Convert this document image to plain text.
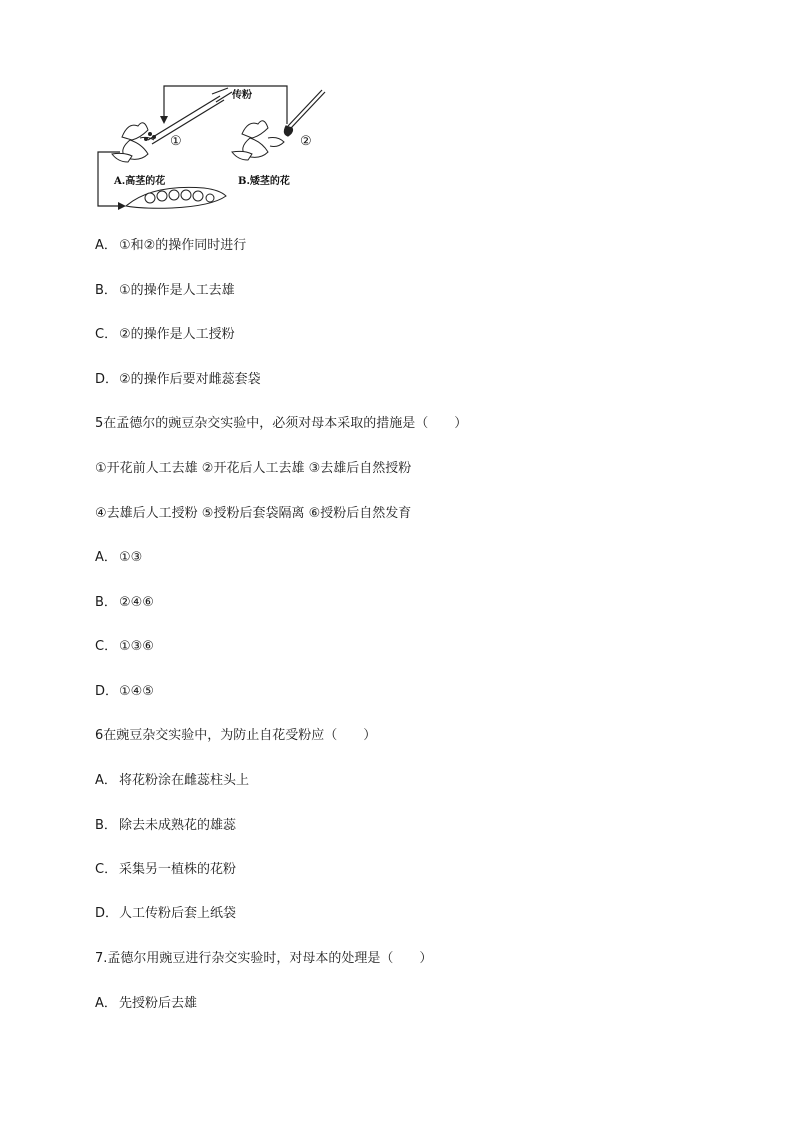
传粉
①	②
A.高茎的花	B.矮茎的花
A． ①和②的操作同时进行
B． ①的操作是人工去雄
C． ②的操作是人工授粉
D．②的操作后要对雌蕊套袋
5在孟德尔的豌豆杂交实验中，必须对母本采取的措施是（　　）
①开花前人工去雄 ②开花后人工去雄 ③去雄后自然授粉
④去雄后人工授粉 ⑤授粉后套袋隔离 ⑥授粉后自然发育
A． ①③
B． ②④⑥
C． ①③⑥
D．①④⑤
6在豌豆杂交实验中，为防止自花受粉应（　　）
A． 将花粉涂在雌蕊柱头上
B． 除去未成熟花的雄蕊
C． 采集另一植株的花粉
D．人工传粉后套上纸袋
7.孟德尔用豌豆进行杂交实验时，对母本的处理是（　　）
A． 先授粉后去雄
